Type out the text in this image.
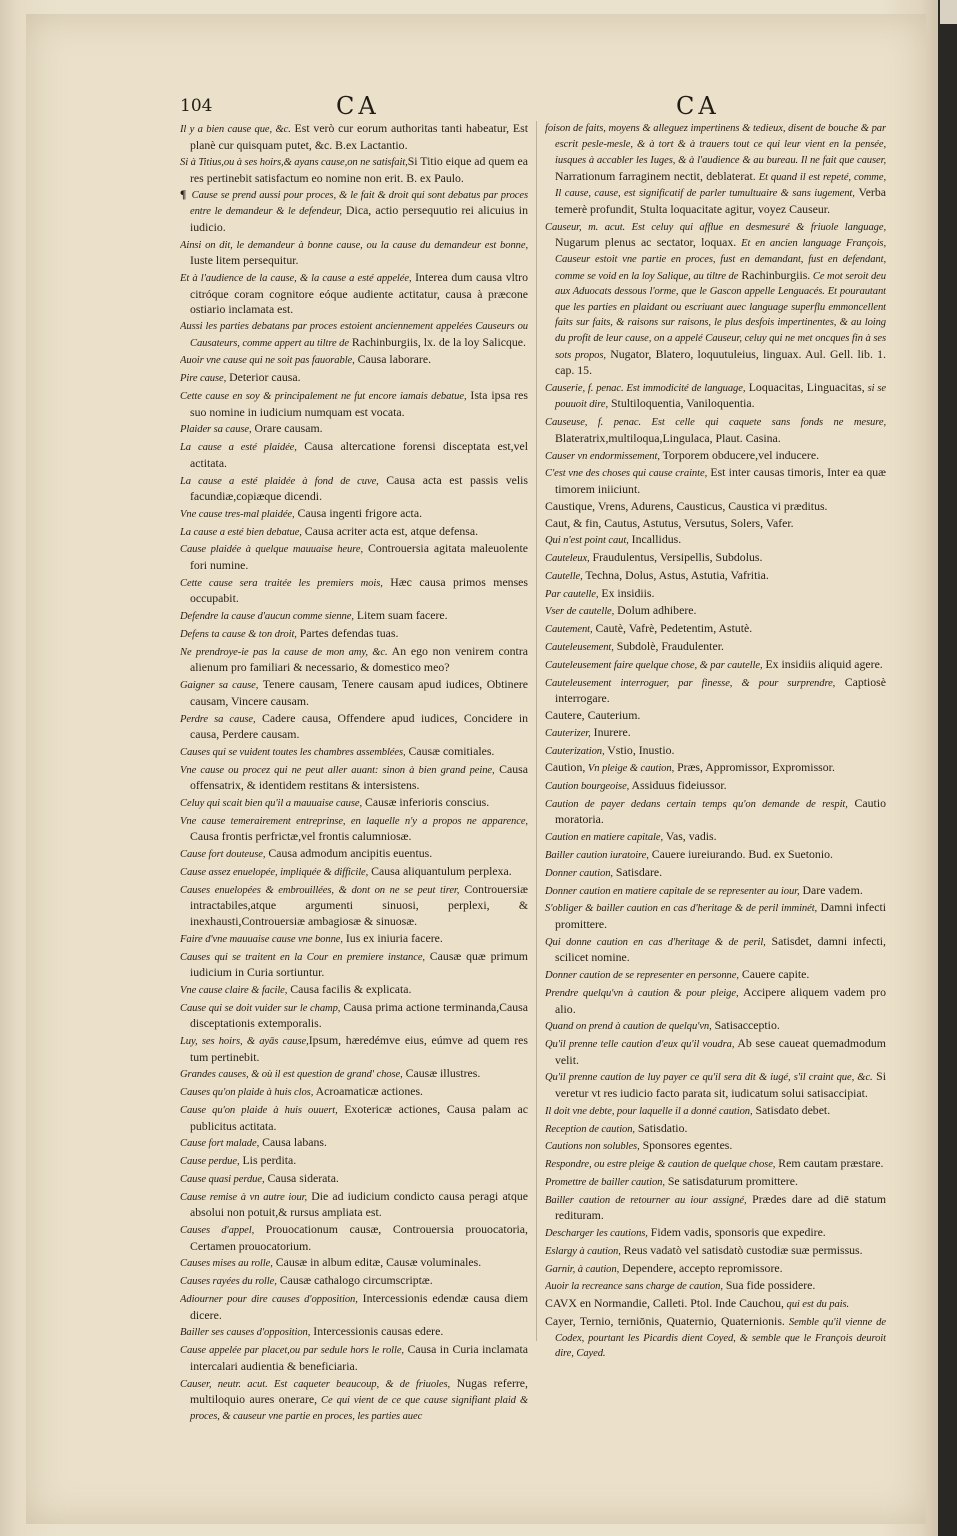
104	CA	CA

Il y a bien cause que, &c. Est verò cur eorum authoritas tanti habeatur, Est planè cur quisquam putet, &c. B.ex Lactantio.

Si à Titius,ou à ses hoirs,& ayans cause,on ne satisfait,Si Titio eique ad quem ea res pertinebit satisfactum eo nomine non erit. B. ex Paulo.

¶ Cause se prend aussi pour proces, & le fait & droit qui sont debatus par proces entre le demandeur & le defendeur, Dica, actio persequutio rei alicuius in iudicio.

Ainsi on dit, le demandeur à bonne cause, ou la cause du demandeur est bonne, Iuste litem persequitur.

Et à l'audience de la cause, & la cause a esté appelée, Interea dum causa vltro citróque coram cognitore eóque audiente actitatur, causa à præcone ostiario inclamata est.

Aussi les parties debatans par proces estoient anciennement appelées Causeurs ou Causateurs, comme appert au tiltre de Rachinburgiis, lx. de la loy Salicque.

Auoir vne cause qui ne soit pas fauorable, Causa laborare.

Pire cause, Deterior causa.

Cette cause en soy & principalement ne fut encore iamais debatue, Ista ipsa res suo nomine in iudicium numquam est vocata.

Plaider sa cause, Orare causam.

La cause a esté plaidée, Causa altercatione forensi disceptata est,vel actitata.

La cause a esté plaidée à fond de cuve, Causa acta est passis velis facundiæ,copiæque dicendi.

Vne cause tres-mal plaidée, Causa ingenti frigore acta.

La cause a esté bien debatue, Causa acriter acta est, atque defensa.

Cause plaidée à quelque mauuaise heure, Controuersia agitata maleuolente fori numine.

Cette cause sera traitée les premiers mois, Hæc causa primos menses occupabit.

Defendre la cause d'aucun comme sienne, Litem suam facere.

Defens ta cause & ton droit, Partes defendas tuas.

Ne prendroye-ie pas la cause de mon amy, &c. An ego non venirem contra alienum pro familiari & necessario, & domestico meo?

Gaigner sa cause, Tenere causam, Tenere causam apud iudices, Obtinere causam, Vincere causam.

Perdre sa cause, Cadere causa, Offendere apud iudices, Concidere in causa, Perdere causam.

Causes qui se vuident toutes les chambres assemblées, Causæ comitiales.

Vne cause ou procez qui ne peut aller auant: sinon à bien grand peine, Causa offensatrix, & identidem restitans & intersistens.

Celuy qui scait bien qu'il a mauuaise cause, Causæ inferioris conscius.

Vne cause temerairement entreprinse, en laquelle n'y a propos ne apparence, Causa frontis perfrictæ,vel frontis calumniosæ.

Cause fort douteuse, Causa admodum ancipitis euentus.

Cause assez enuelopée, impliquée & difficile, Causa aliquantulum perplexa.

Causes enuelopées & embrouillées, & dont on ne se peut tirer, Controuersiæ intractabiles,atque argumenti sinuosi, perplexi, & inexhausti,Controuersiæ ambagiosæ & sinuosæ.

Faire d'vne mauuaise cause vne bonne, Ius ex iniuria facere.

Causes qui se traitent en la Cour en premiere instance, Causæ quæ primum iudicium in Curia sortiuntur.

Vne cause claire & facile, Causa facilis & explicata.

Cause qui se doit vuider sur le champ, Causa prima actione terminanda,Causa disceptationis extemporalis.

Luy, ses hoirs, & ayās cause,Ipsum, hæredémve eius, eúmve ad quem res tum pertinebit.

Grandes causes, & où il est question de grand' chose, Causæ illustres.

Causes qu'on plaide à huis clos, Acroamaticæ actiones.

Cause qu'on plaide à huis ouuert, Exotericæ actiones, Causa palam ac publicitus actitata.

Cause fort malade, Causa labans.

Cause perdue, Lis perdita.

Cause quasi perdue, Causa siderata.

Cause remise à vn autre iour, Die ad iudicium condicto causa peragi atque absolui non potuit,& rursus ampliata est.

Causes d'appel, Prouocationum causæ, Controuersia prouocatoria, Certamen prouocatorium.

Causes mises au rolle, Causæ in album editæ, Causæ voluminales.

Causes rayées du rolle, Causæ cathalogo circumscriptæ.

Adiourner pour dire causes d'opposition, Intercessionis edendæ causa diem dicere.

Bailler ses causes d'opposition, Intercessionis causas edere.

Cause appelée par placet,ou par sedule hors le rolle, Causa in Curia inclamata intercalari audientia & beneficiaria.

Causer, neutr. acut. Est caqueter beaucoup, & de friuoles, Nugas referre, multiloquio aures onerare, Ce qui vient de ce que cause signifiant plaid & proces, & causeur vne partie en proces, les parties auec

foison de faits, moyens & alleguez impertinens & tedieux, disent de bouche & par escrit pesle-mesle, & à tort & à trauers tout ce qui leur vient en la pensée, iusques à accabler les Iuges, & à l'audience & au bureau. Il ne fait que causer, Narrationum farraginem nectit, deblaterat. Et quand il est repeté, comme, Il cause, cause, est significatif de parler tumultuaire & sans iugement, Verba temerè profundit, Stulta loquacitate agitur, voyez Causeur.

Causeur, m. acut. Est celuy qui afflue en desmesuré & friuole language, Nugarum plenus ac sectator, loquax. Et en ancien language François, Causeur estoit vne partie en proces, fust en demandant, fust en defendant, comme se void en la loy Salique, au tiltre de Rachinburgiis. Ce mot seroit deu aux Aduocats dessous l'orme, que le Gascon appelle Lenguacés. Et pourautant que les parties en plaidant ou escriuant auec language superflu emmoncellent faits sur faits, & raisons sur raisons, le plus desfois impertinentes, & au loing du profit de leur cause, on a appelé Causeur, celuy qui ne met oncques fin à ses sots propos, Nugator, Blatero, loquutuleius, linguax. Aul. Gell. lib. 1. cap. 15.

Causerie, f. penac. Est immodicité de language, Loquacitas, Linguacitas, si se pouuoit dire, Stultiloquentia, Vaniloquentia.

Causeuse, f. penac. Est celle qui caquete sans fonds ne mesure, Blateratrix,multiloqua,Lingulaca, Plaut. Casina.

Causer vn endormissement, Torporem obducere,vel inducere.

C'est vne des choses qui cause crainte, Est inter causas timoris, Inter ea quæ timorem iniiciunt.

Caustique, Vrens, Adurens, Causticus, Caustica vi præditus.

Caut, & fin, Cautus, Astutus, Versutus, Solers, Vafer.

Qui n'est point caut, Incallidus.

Cauteleux, Fraudulentus, Versipellis, Subdolus.

Cautelle, Techna, Dolus, Astus, Astutia, Vafritia.

Par cautelle, Ex insidiis.

Vser de cautelle, Dolum adhibere.

Cautement, Cautè, Vafrè, Pedetentim, Astutè.

Cauteleusement, Subdolè, Fraudulenter.

Cauteleusement faire quelque chose, & par cautelle, Ex insidiis aliquid agere.

Cauteleusement interroguer, par finesse, & pour surprendre, Captiosè interrogare.

Cautere, Cauterium.

Cauterizer, Inurere.

Cauterization, Vstio, Inustio.

Caution, Vn pleige & caution, Præs, Appromissor, Expromissor.

Caution bourgeoise, Assiduus fideiussor.

Caution de payer dedans certain temps qu'on demande de respit, Cautio moratoria.

Caution en matiere capitale, Vas, vadis.

Bailler caution iuratoire, Cauere iureiurando. Bud. ex Suetonio.

Donner caution, Satisdare.

Donner caution en matiere capitale de se representer au iour, Dare vadem.

S'obliger & bailler caution en cas d'heritage & de peril imminét, Damni infecti promittere.

Qui donne caution en cas d'heritage & de peril, Satisdet, damni infecti, scilicet nomine.

Donner caution de se representer en personne, Cauere capite.

Prendre quelqu'vn à caution & pour pleige, Accipere aliquem vadem pro alio.

Quand on prend à caution de quelqu'vn, Satisacceptio.

Qu'il prenne telle caution d'eux qu'il voudra, Ab sese caueat quemadmodum velit.

Qu'il prenne caution de luy payer ce qu'il sera dit & iugé, s'il craint que, &c. Si veretur vt res iudicio facto parata sit, iudicatum solui satisaccipiat.

Il doit vne debte, pour laquelle il a donné caution, Satisdato debet.

Reception de caution, Satisdatio.

Cautions non solubles, Sponsores egentes.

Respondre, ou estre pleige & caution de quelque chose, Rem cautam præstare.

Promettre de bailler caution, Se satisdaturum promittere.

Bailler caution de retourner au iour assigné, Prædes dare ad diē statum redituram.

Descharger les cautions, Fidem vadis, sponsoris que expedire.

Eslargy à caution, Reus vadatò vel satisdatò custodiæ suæ permissus.

Garnir, à caution, Dependere, accepto repromissore.

Auoir la recreance sans charge de caution, Sua fide possidere.

CAVX en Normandie, Calleti. Ptol. Inde Cauchou, qui est du pais.

Cayer, Ternio, terniōnis, Quaternio, Quaternionis. Semble qu'il vienne de Codex, pourtant les Picardis dient Coyed, & semble que le François deuroit dire, Cayed.
